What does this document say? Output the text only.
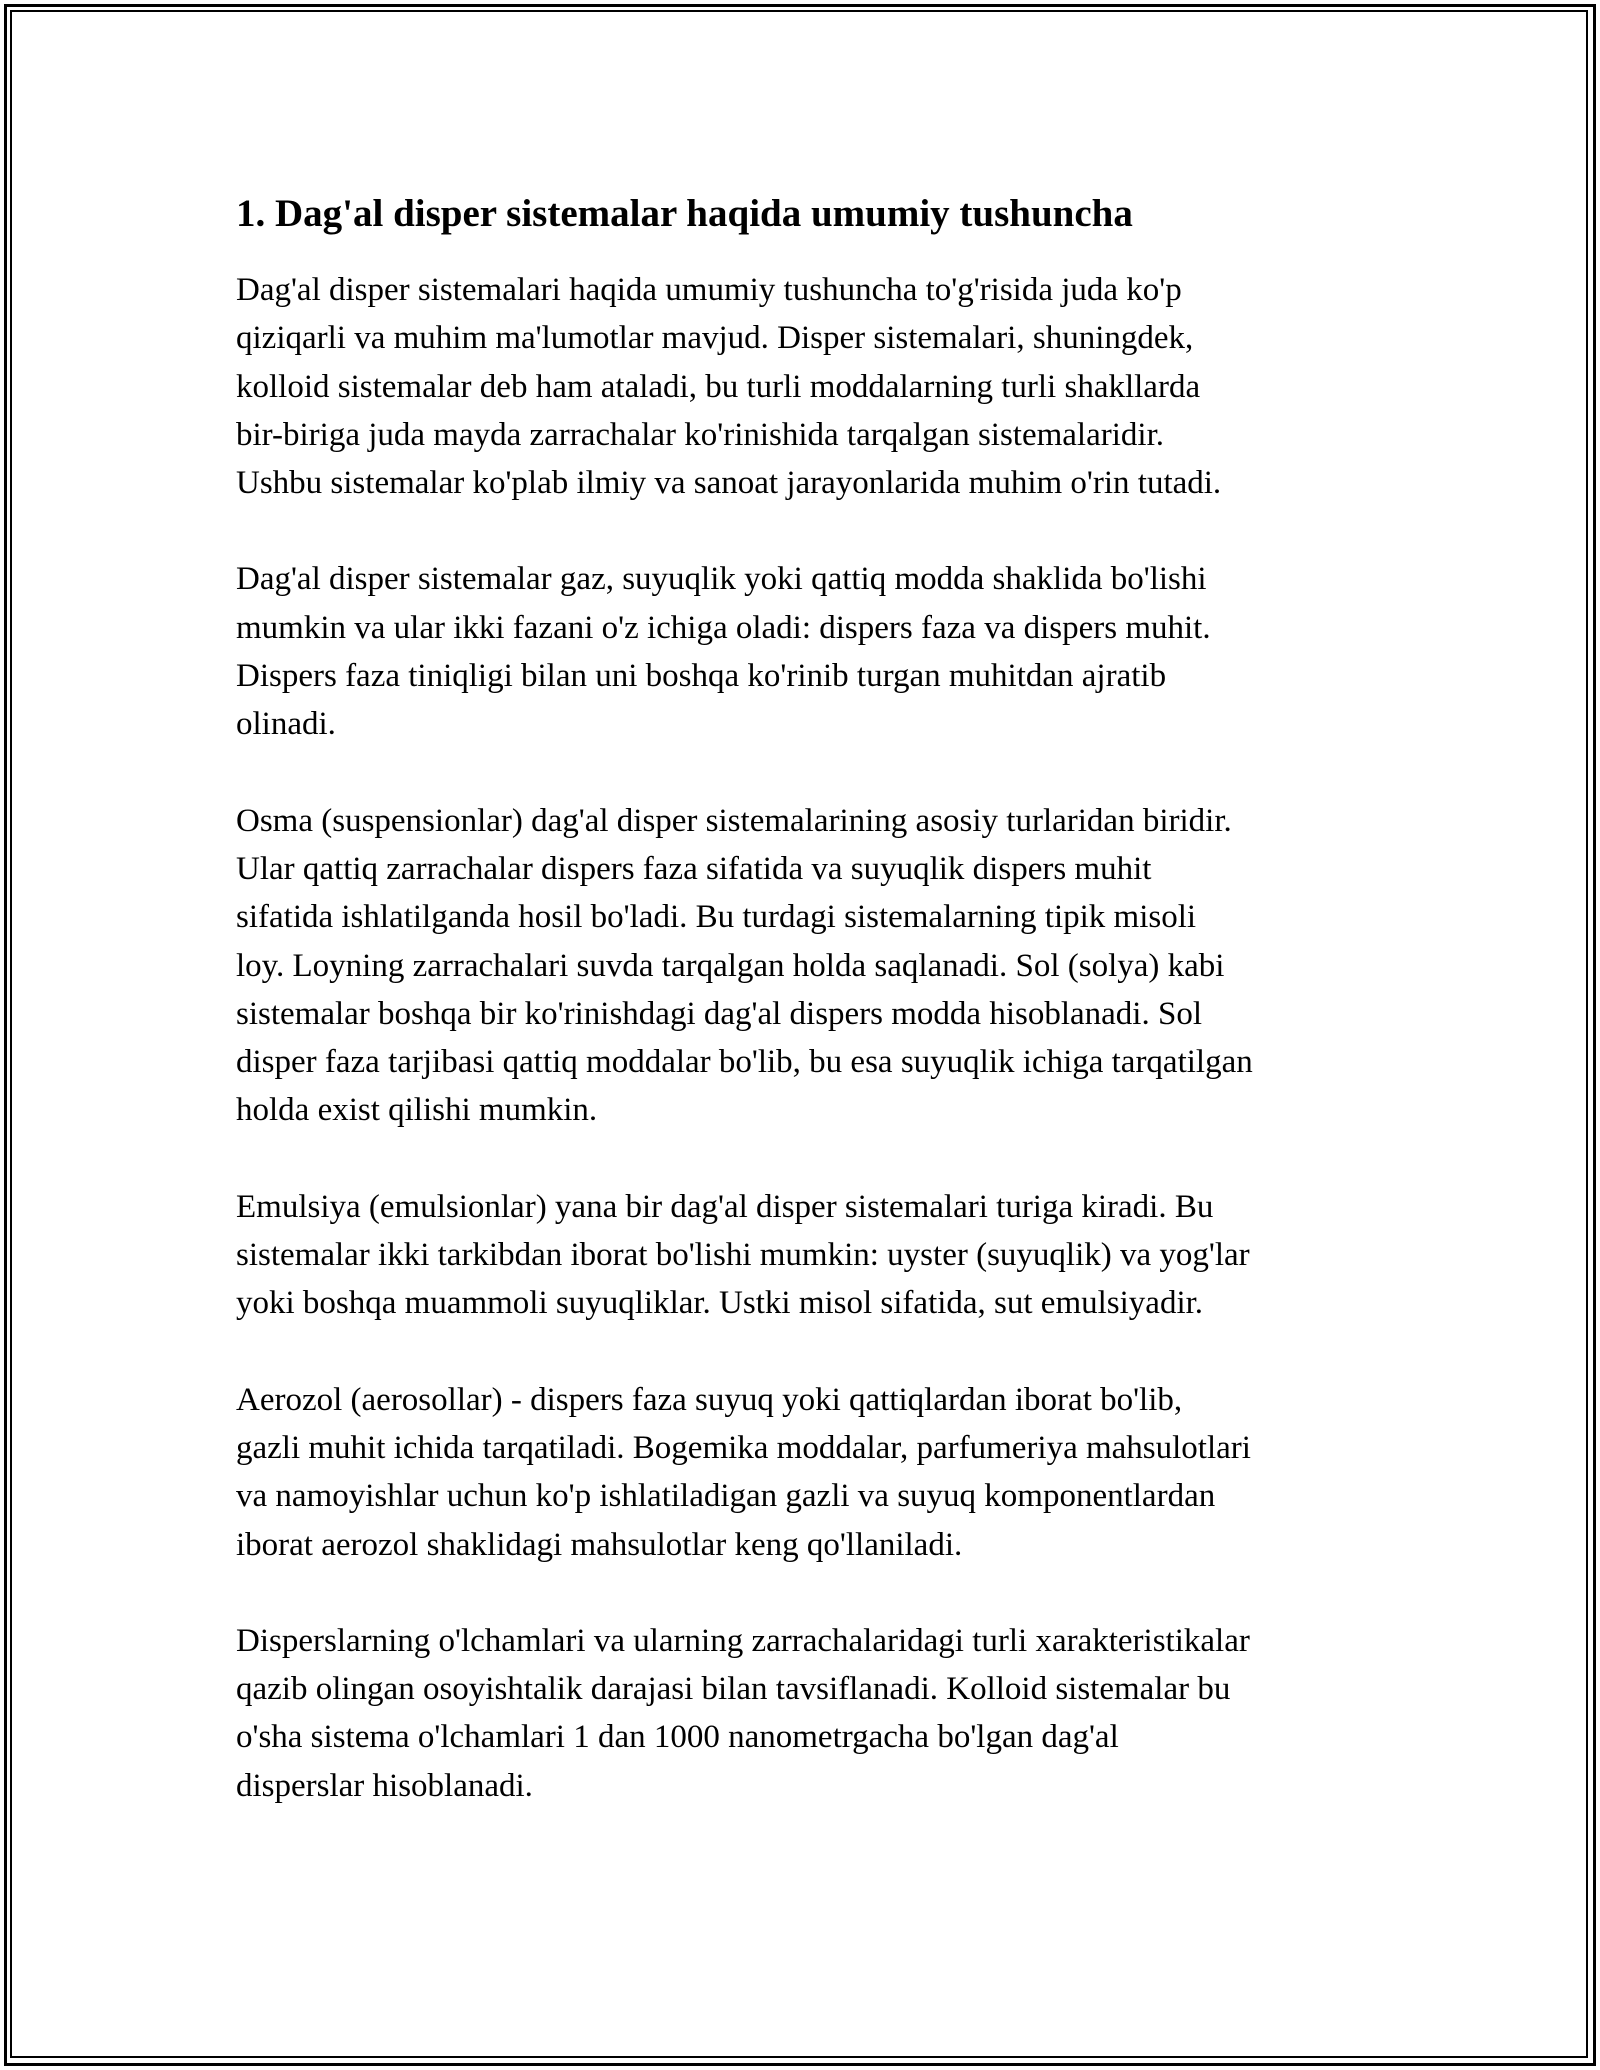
1. Dag'al disper sistemalar haqida umumiy tushuncha

Dag'al disper sistemalari haqida umumiy tushuncha to'g'risida juda ko'p
qiziqarli va muhim ma'lumotlar mavjud. Disper sistemalari, shuningdek,
kolloid sistemalar deb ham ataladi, bu turli moddalarning turli shakllarda
bir-biriga juda mayda zarrachalar ko'rinishida tarqalgan sistemalaridir.
Ushbu sistemalar ko'plab ilmiy va sanoat jarayonlarida muhim o'rin tutadi.

Dag'al disper sistemalar gaz, suyuqlik yoki qattiq modda shaklida bo'lishi
mumkin va ular ikki fazani o'z ichiga oladi: dispers faza va dispers muhit.
Dispers faza tiniqligi bilan uni boshqa ko'rinib turgan muhitdan ajratib
olinadi.

Osma (suspensionlar) dag'al disper sistemalarining asosiy turlaridan biridir.
Ular qattiq zarrachalar dispers faza sifatida va suyuqlik dispers muhit
sifatida ishlatilganda hosil bo'ladi. Bu turdagi sistemalarning tipik misoli
loy. Loyning zarrachalari suvda tarqalgan holda saqlanadi. Sol (solya) kabi
sistemalar boshqa bir ko'rinishdagi dag'al dispers modda hisoblanadi. Sol
disper faza tarjibasi qattiq moddalar bo'lib, bu esa suyuqlik ichiga tarqatilgan
holda exist qilishi mumkin.

Emulsiya (emulsionlar) yana bir dag'al disper sistemalari turiga kiradi. Bu
sistemalar ikki tarkibdan iborat bo'lishi mumkin: uyster (suyuqlik) va yog'lar
yoki boshqa muammoli suyuqliklar. Ustki misol sifatida, sut emulsiyadir.

Aerozol (aerosollar) - dispers faza suyuq yoki qattiqlardan iborat bo'lib,
gazli muhit ichida tarqatiladi. Bogemika moddalar, parfumeriya mahsulotlari
va namoyishlar uchun ko'p ishlatiladigan gazli va suyuq komponentlardan
iborat aerozol shaklidagi mahsulotlar keng qo'llaniladi.

Disperslarning o'lchamlari va ularning zarrachalaridagi turli xarakteristikalar
qazib olingan osoyishtalik darajasi bilan tavsiflanadi. Kolloid sistemalar bu
o'sha sistema o'lchamlari 1 dan 1000 nanometrgacha bo'lgan dag'al
disperslar hisoblanadi.
